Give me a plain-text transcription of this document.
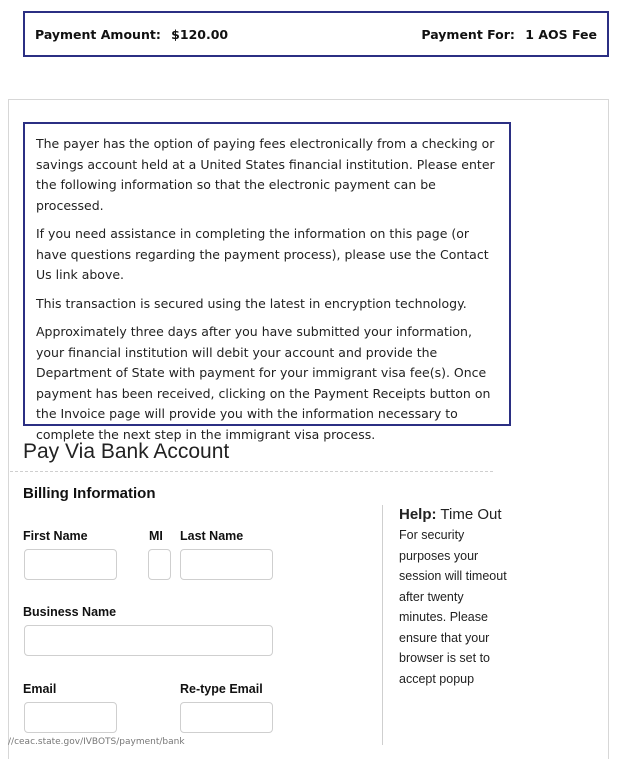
Payment Amount: $120.00	Payment For: 1 AOS Fee

The payer has the option of paying fees electronically from a checking or savings account held at a United States financial institution. Please enter the following information so that the electronic payment can be processed.

If you need assistance in completing the information on this page (or have questions regarding the payment process), please use the Contact Us link above.

This transaction is secured using the latest in encryption technology.

Approximately three days after you have submitted your information, your financial institution will debit your account and provide the Department of State with payment for your immigrant visa fee(s). Once payment has been received, clicking on the Payment Receipts button on the Invoice page will provide you with the information necessary to complete the next step in the immigrant visa process.

Pay Via Bank Account
Billing Information
First Name	MI Last Name
Business Name
Email	Re-type Email
Help: Time Out
For security purposes your session will timeout after twenty minutes. Please ensure that your browser is set to accept popup
//ceac.state.gov/IVBOTS/payment/bank
